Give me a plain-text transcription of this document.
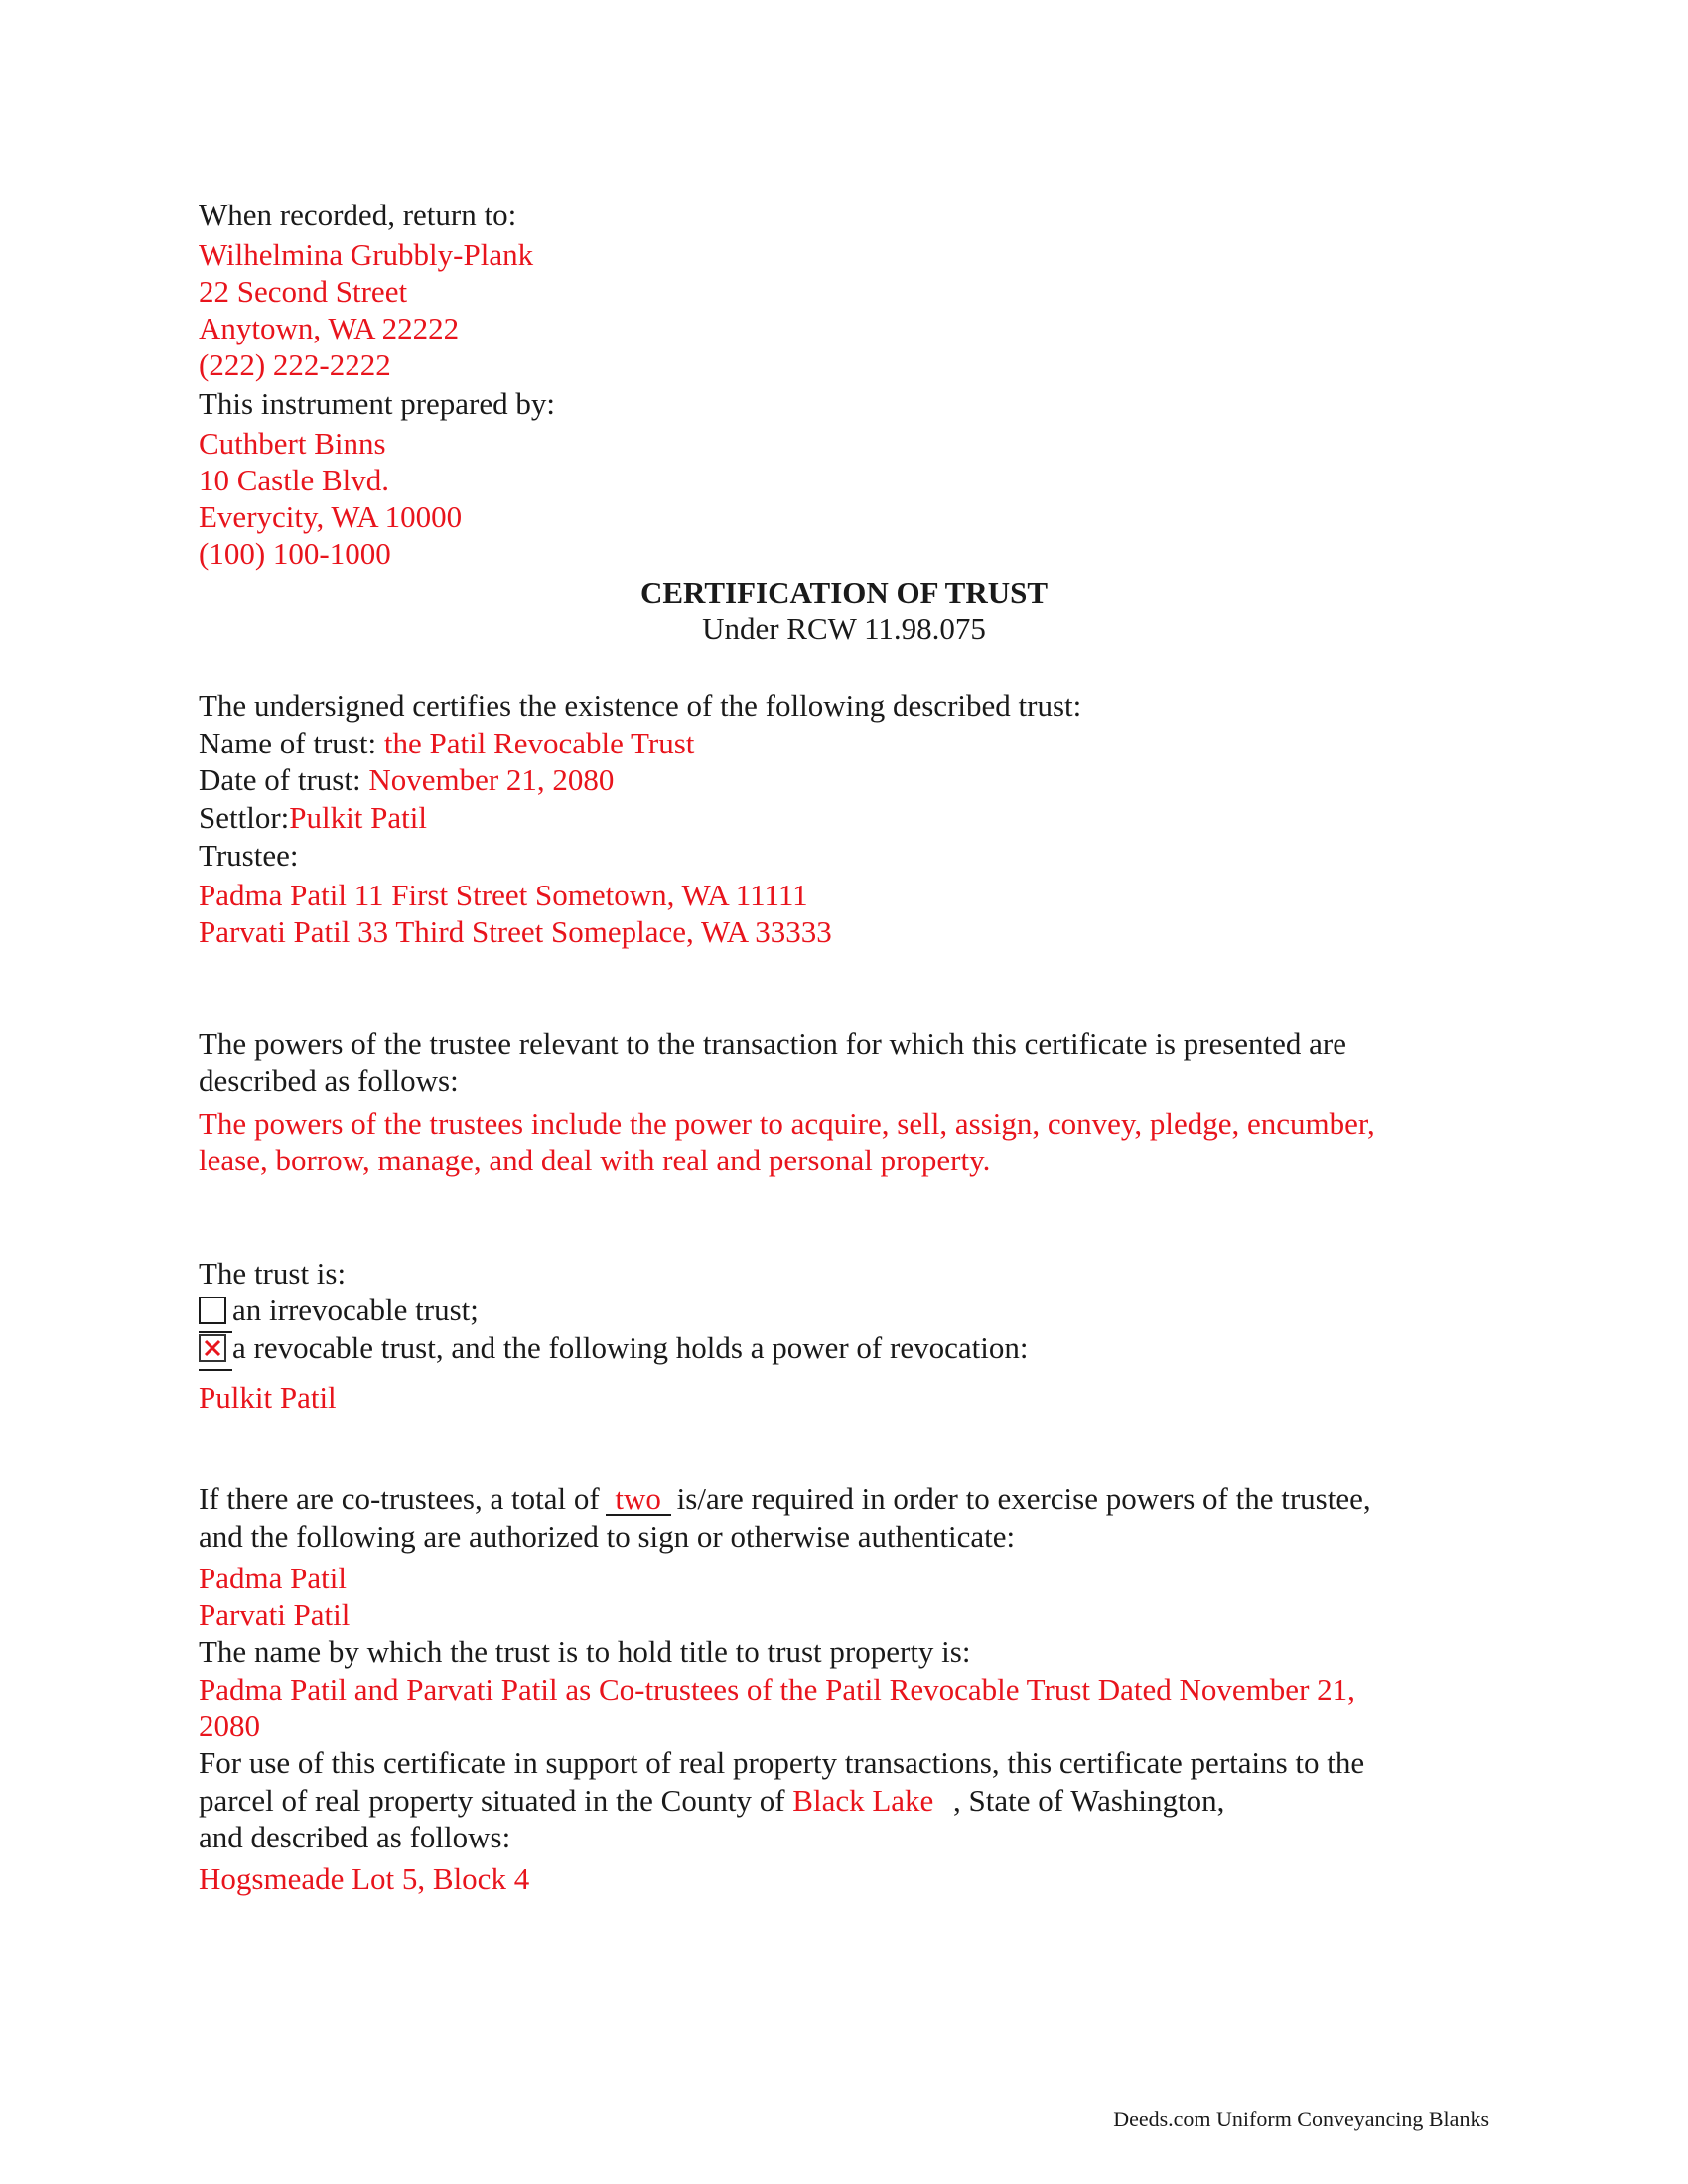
When recorded, return to:
Wilhelmina Grubbly-Plank
22 Second Street
Anytown, WA 22222
(222) 222-2222
This instrument prepared by:
Cuthbert Binns
10 Castle Blvd.
Everycity, WA 10000
(100) 100-1000
CERTIFICATION OF TRUST
Under RCW 11.98.075
The undersigned certifies the existence of the following described trust:
Name of trust: the Patil Revocable Trust
Date of trust: November 21, 2080
Settlor:Pulkit Patil
Trustee:
Padma Patil 11 First Street Sometown, WA 11111
Parvati Patil 33 Third Street Someplace, WA 33333
The powers of the trustee relevant to the transaction for which this certificate is presented are
described as follows:
The powers of the trustees include the power to acquire, sell, assign, convey, pledge, encumber,
lease, borrow, manage, and deal with real and personal property.
The trust is:
an irrevocable trust;
a revocable trust, and the following holds a power of revocation:
Pulkit Patil
If there are co-trustees, a total of two is/are required in order to exercise powers of the trustee,
and the following are authorized to sign or otherwise authenticate:
Padma Patil
Parvati Patil
The name by which the trust is to hold title to trust property is:
Padma Patil and Parvati Patil as Co-trustees of the Patil Revocable Trust Dated November 21,
2080
For use of this certificate in support of real property transactions, this certificate pertains to the
parcel of real property situated in the County of Black Lake , State of Washington,
and described as follows:
Hogsmeade Lot 5, Block 4
Deeds.com Uniform Conveyancing Blanks
